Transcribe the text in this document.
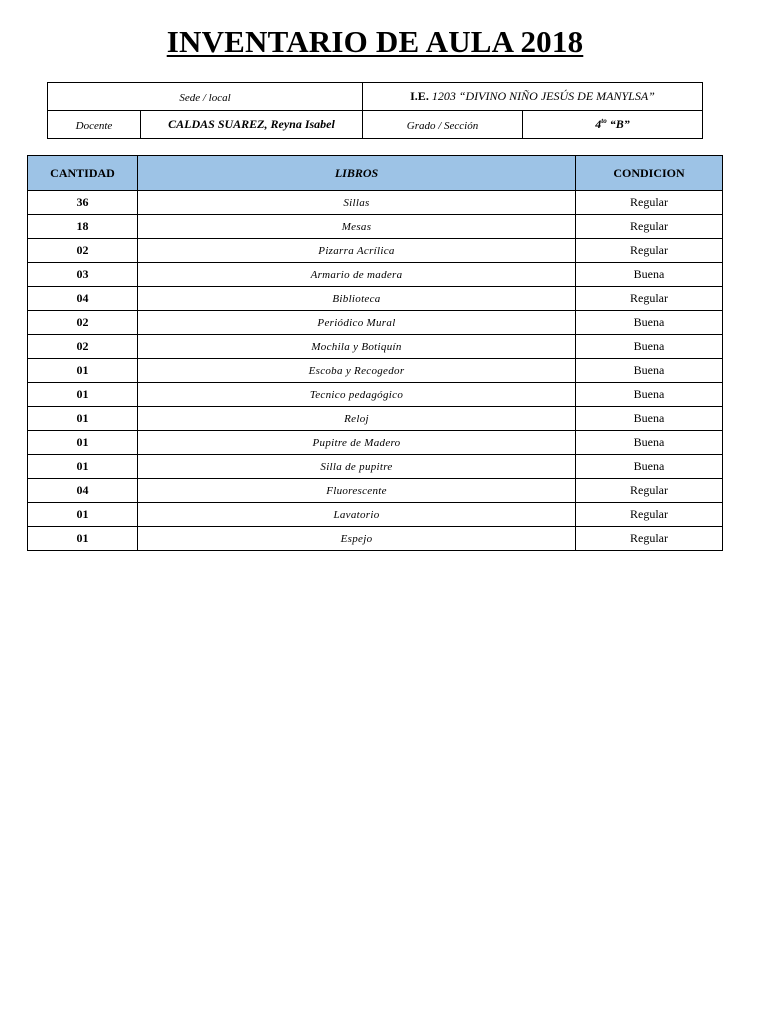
INVENTARIO DE AULA 2018
Sede / local		I.E. 1203 “DIVINO NIÑO JESÚS DE MANYLSA”	
Docente	CALDAS SUAREZ, Reyna Isabel	Grado / Sección	$4^{to}$ “B”
CANTIDAD	LIBROS	CONDICION
36	Sillas	Regular
18	Mesas	Regular
02	Pizarra Acrílica	Regular
03	Armario de madera	Buena
04	Biblioteca	Regular
02	Periódico Mural	Buena
02	Mochila y Botiquín	Buena
01	Escoba y Recogedor	Buena
01	Tecnico pedagógico	Buena
01	Reloj	Buena
01	Pupitre de Madero	Buena
01	Silla de pupitre	Buena
04	Fluorescente	Regular
01	Lavatorio	Regular
01	Espejo	Regular
